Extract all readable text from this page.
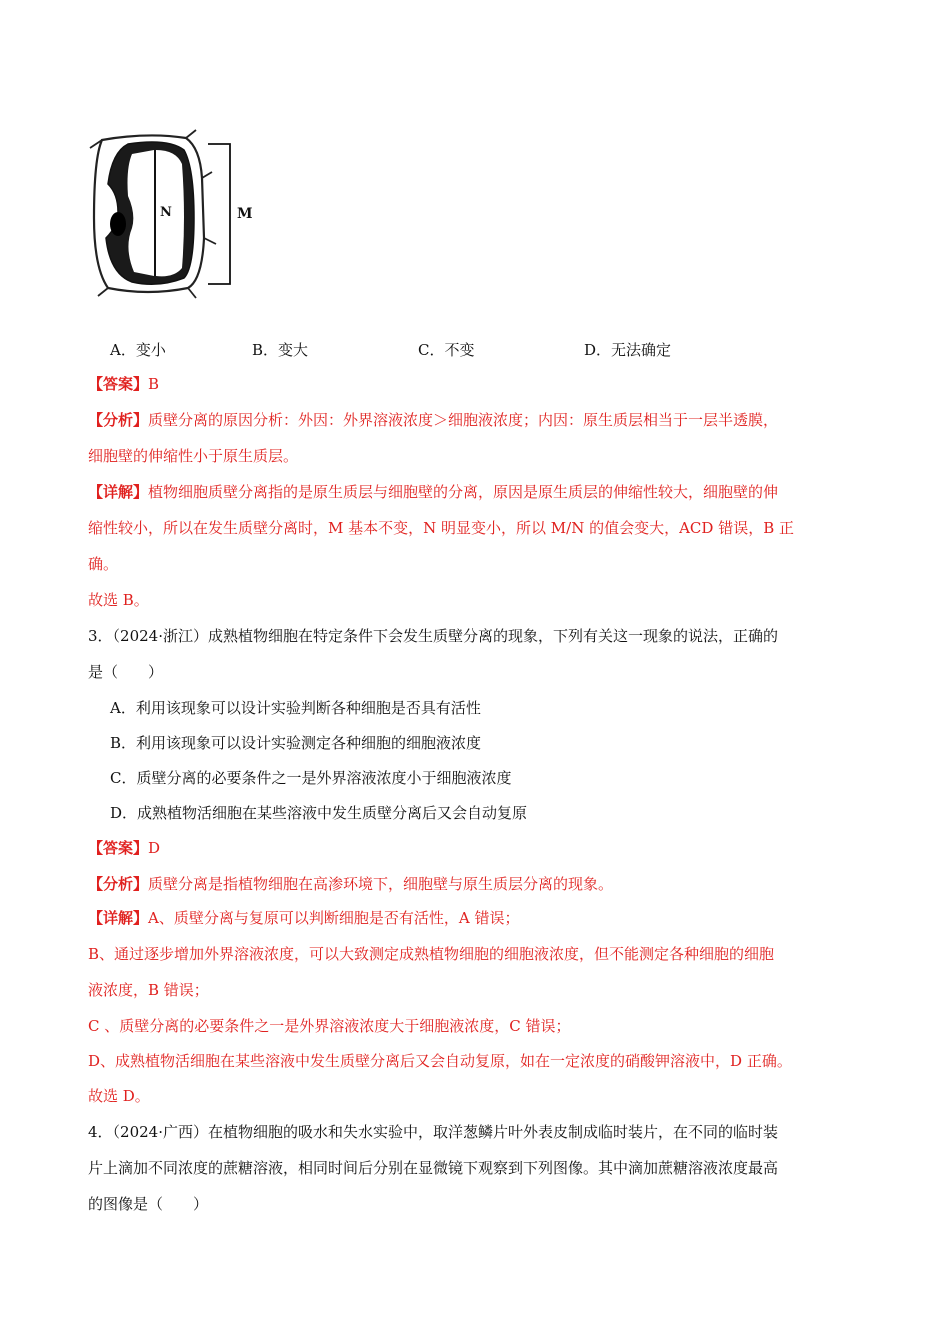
N	M
A．变小	B．变大	C．不变	D．无法确定
【答案】B
【分析】质壁分离的原因分析：外因：外界溶液浓度＞细胞液浓度；内因：原生质层相当于一层半透膜，
细胞壁的伸缩性小于原生质层。
【详解】植物细胞质壁分离指的是原生质层与细胞壁的分离，原因是原生质层的伸缩性较大，细胞壁的伸
缩性较小，所以在发生质壁分离时，M 基本不变，N 明显变小，所以 M/N 的值会变大，ACD 错误，B 正
确。
故选 B。
3．（2024·浙江）成熟植物细胞在特定条件下会发生质壁分离的现象，下列有关这一现象的说法，正确的
是（　　）
A．利用该现象可以设计实验判断各种细胞是否具有活性
B．利用该现象可以设计实验测定各种细胞的细胞液浓度
C．质壁分离的必要条件之一是外界溶液浓度小于细胞液浓度
D．成熟植物活细胞在某些溶液中发生质壁分离后又会自动复原
【答案】D
【分析】质壁分离是指植物细胞在高渗环境下，细胞壁与原生质层分离的现象。
【详解】A、质壁分离与复原可以判断细胞是否有活性，A 错误；
B、通过逐步增加外界溶液浓度，可以大致测定成熟植物细胞的细胞液浓度，但不能测定各种细胞的细胞
液浓度，B 错误；
C 、质壁分离的必要条件之一是外界溶液浓度大于细胞液浓度，C 错误；
D、成熟植物活细胞在某些溶液中发生质壁分离后又会自动复原，如在一定浓度的硝酸钾溶液中，D 正确。
故选 D。
4．（2024·广西）在植物细胞的吸水和失水实验中，取洋葱鳞片叶外表皮制成临时装片，在不同的临时装
片上滴加不同浓度的蔗糖溶液，相同时间后分别在显微镜下观察到下列图像。其中滴加蔗糖溶液浓度最高
的图像是（　　）
